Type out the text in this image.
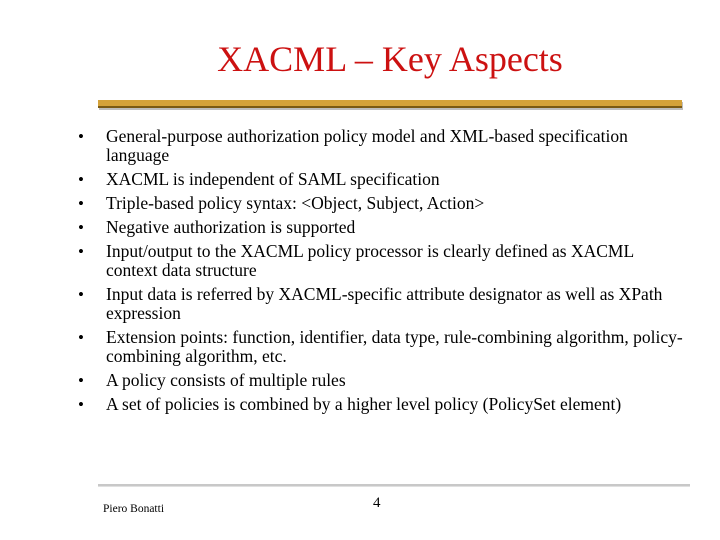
XACML – Key Aspects
• General-purpose authorization policy model and XML-based specification language
• XACML is independent of SAML specification
• Triple-based policy syntax: <Object, Subject, Action>
• Negative authorization is supported
• Input/output to the XACML policy processor is clearly defined as XACML context data structure
• Input data is referred by XACML-specific attribute designator as well as XPath expression
• Extension points: function, identifier, data type, rule-combining algorithm, policy-combining algorithm, etc.
• A policy consists of multiple rules
• A set of policies is combined by a higher level policy (PolicySet element)
Piero Bonatti	4
